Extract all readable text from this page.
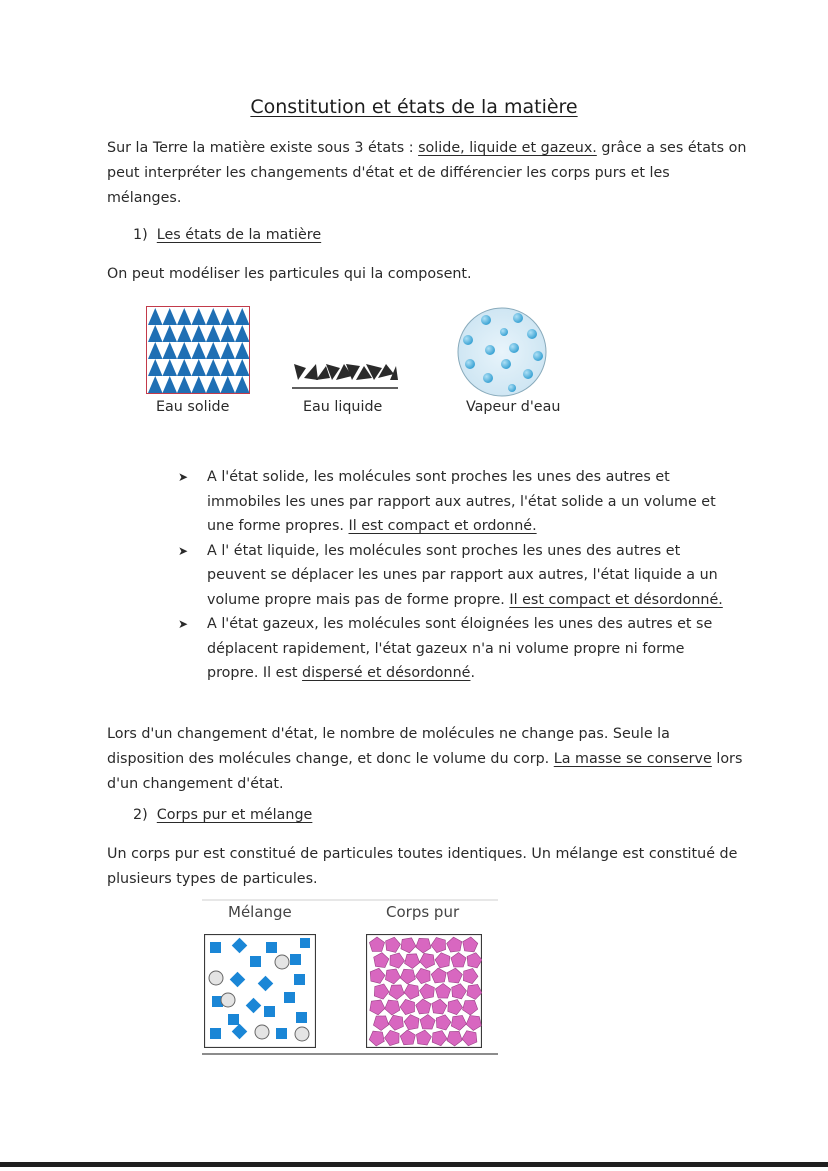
Constitution et états de la matière
Sur la Terre la matière existe sous 3 états : solide, liquide et gazeux. grâce a ses états on peut interpréter les changements d'état et de différencier les corps purs et les mélanges.
1) Les états de la matière
On peut modéliser les particules qui la composent.
Eau solide	Eau liquide	Vapeur d'eau
➤ A l'état solide, les molécules sont proches les unes des autres et immobiles les unes par rapport aux autres, l'état solide a un volume et une forme propres. Il est compact et ordonné.
➤ A l' état liquide, les molécules sont proches les unes des autres et peuvent se déplacer les unes par rapport aux autres, l'état liquide a un volume propre mais pas de forme propre. Il est compact et désordonné.
➤ A l'état gazeux, les molécules sont éloignées les unes des autres et se déplacent rapidement, l'état gazeux n'a ni volume propre ni forme propre. Il est dispersé et désordonné.
Lors d'un changement d'état, le nombre de molécules ne change pas. Seule la disposition des molécules change, et donc le volume du corp. La masse se conserve lors d'un changement d'état.
2) Corps pur et mélange
Un corps pur est constitué de particules toutes identiques. Un mélange est constitué de plusieurs types de particules.
Mélange	Corps pur
